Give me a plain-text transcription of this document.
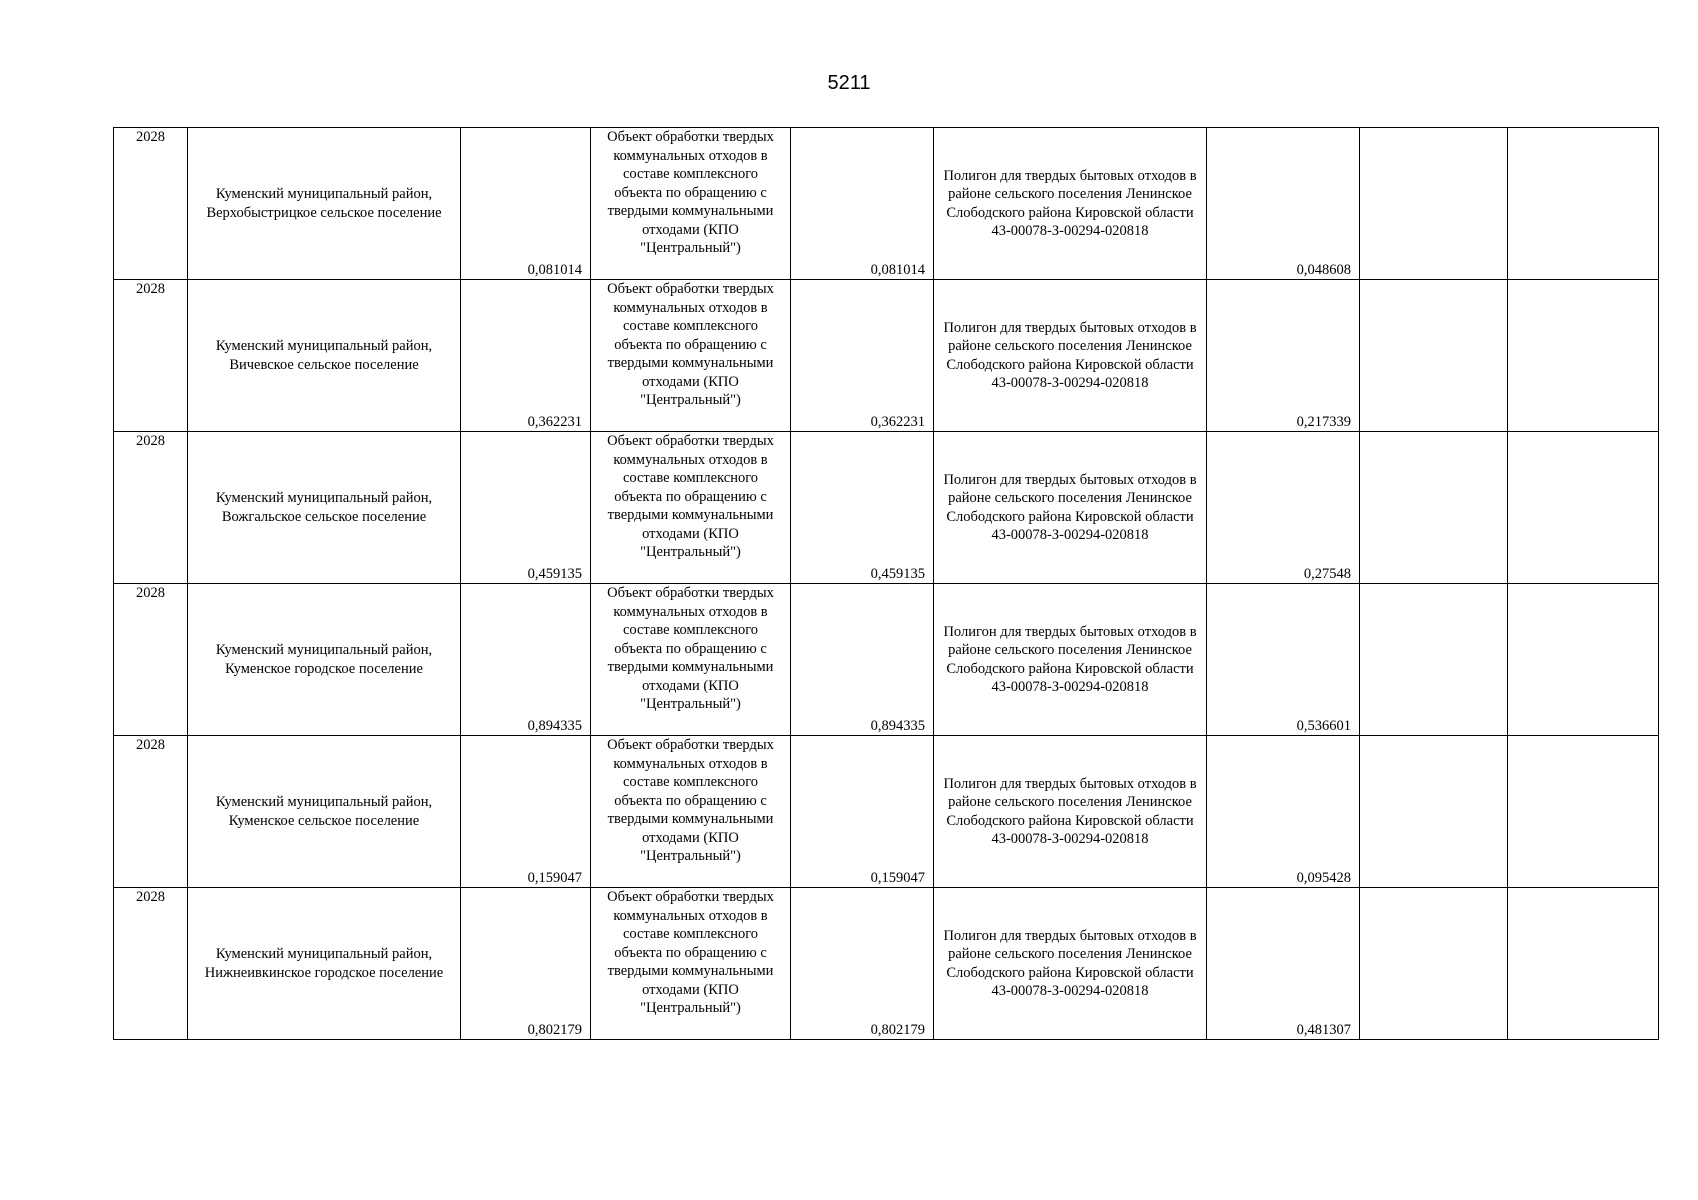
5211
2028	Куменский муниципальный район, Верхобыстрицкое сельское поселение	0,081014	Объект обработки твердых коммунальных отходов в составе комплексного объекта по обращению с твердыми коммунальными отходами (КПО "Центральный")	0,081014	Полигон для твердых бытовых отходов в районе сельского поселения Ленинское Слободского района Кировской области 43-00078-З-00294-020818	0,048608		
2028	Куменский муниципальный район, Вичевское сельское поселение	0,362231	Объект обработки твердых коммунальных отходов в составе комплексного объекта по обращению с твердыми коммунальными отходами (КПО "Центральный")	0,362231	Полигон для твердых бытовых отходов в районе сельского поселения Ленинское Слободского района Кировской области 43-00078-З-00294-020818	0,217339		
2028	Куменский муниципальный район, Вожгальское сельское поселение	0,459135	Объект обработки твердых коммунальных отходов в составе комплексного объекта по обращению с твердыми коммунальными отходами (КПО "Центральный")	0,459135	Полигон для твердых бытовых отходов в районе сельского поселения Ленинское Слободского района Кировской области 43-00078-З-00294-020818	0,27548		
2028	Куменский муниципальный район, Куменское городское поселение	0,894335	Объект обработки твердых коммунальных отходов в составе комплексного объекта по обращению с твердыми коммунальными отходами (КПО "Центральный")	0,894335	Полигон для твердых бытовых отходов в районе сельского поселения Ленинское Слободского района Кировской области 43-00078-З-00294-020818	0,536601		
2028	Куменский муниципальный район, Куменское сельское поселение	0,159047	Объект обработки твердых коммунальных отходов в составе комплексного объекта по обращению с твердыми коммунальными отходами (КПО "Центральный")	0,159047	Полигон для твердых бытовых отходов в районе сельского поселения Ленинское Слободского района Кировской области 43-00078-З-00294-020818	0,095428		
2028	Куменский муниципальный район, Нижнеивкинское городское поселение	0,802179	Объект обработки твердых коммунальных отходов в составе комплексного объекта по обращению с твердыми коммунальными отходами (КПО "Центральный")	0,802179	Полигон для твердых бытовых отходов в районе сельского поселения Ленинское Слободского района Кировской области 43-00078-З-00294-020818	0,481307		
